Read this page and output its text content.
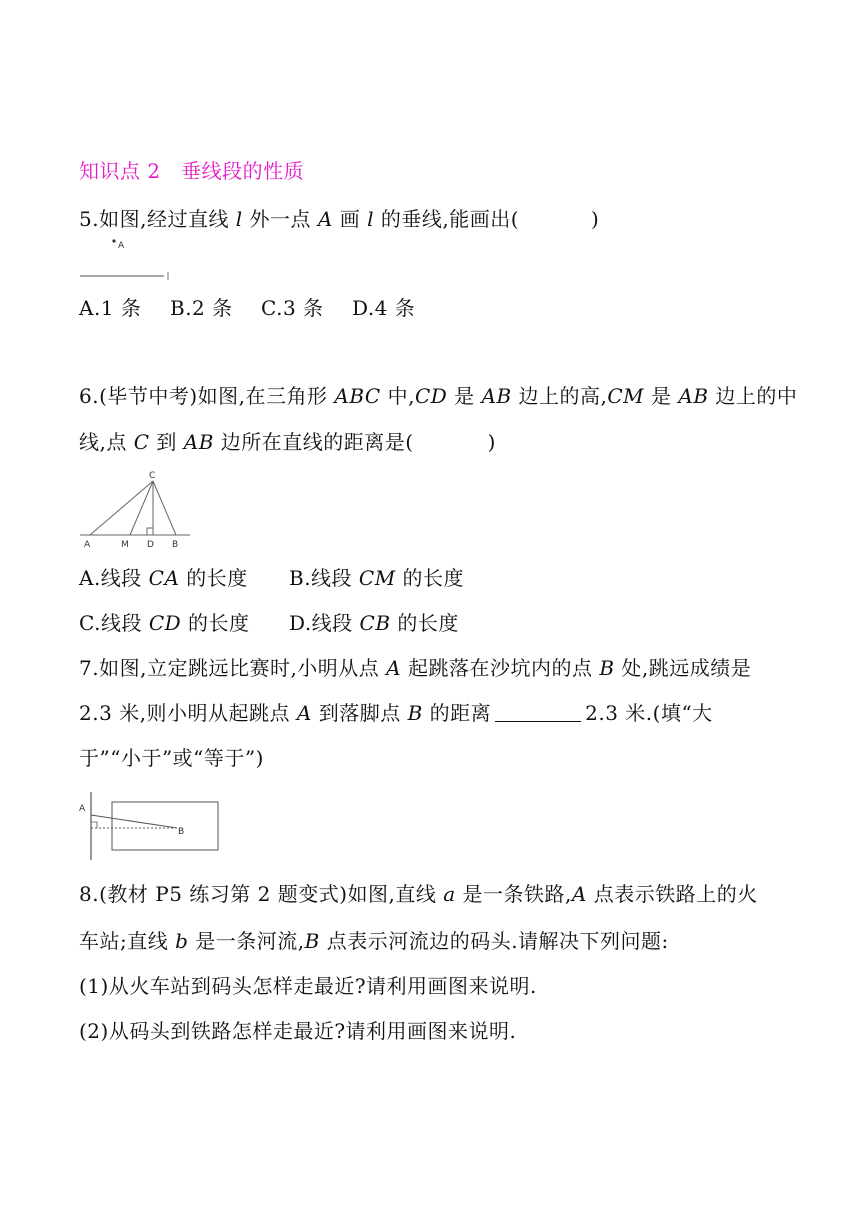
知识点 2　垂线段的性质
5.如图,经过直线 l 外一点 A 画 l 的垂线,能画出(	)
A
A.1 条 B.2 条 C.3 条 D.4 条
6.(毕节中考)如图,在三角形 ABC 中,CD 是 AB 边上的高,CM 是 AB 边上的中
线,点 C 到 AB 边所在直线的距离是(	)
C
A	M D B
A.线段 CA 的长度 B.线段 CM 的长度
C.线段 CD 的长度 D.线段 CB 的长度
7.如图,立定跳远比赛时,小明从点 A 起跳落在沙坑内的点 B 处,跳远成绩是
2.3 米,则小明从起跳点 A 到落脚点 B 的距离	2.3 米.(填“大
于”“小于”或“等于”)
A
B
8.(教材 P5 练习第 2 题变式)如图,直线 a 是一条铁路,A 点表示铁路上的火
车站;直线 b 是一条河流,B 点表示河流边的码头.请解决下列问题:
(1)从火车站到码头怎样走最近?请利用画图来说明.
(2)从码头到铁路怎样走最近?请利用画图来说明.
